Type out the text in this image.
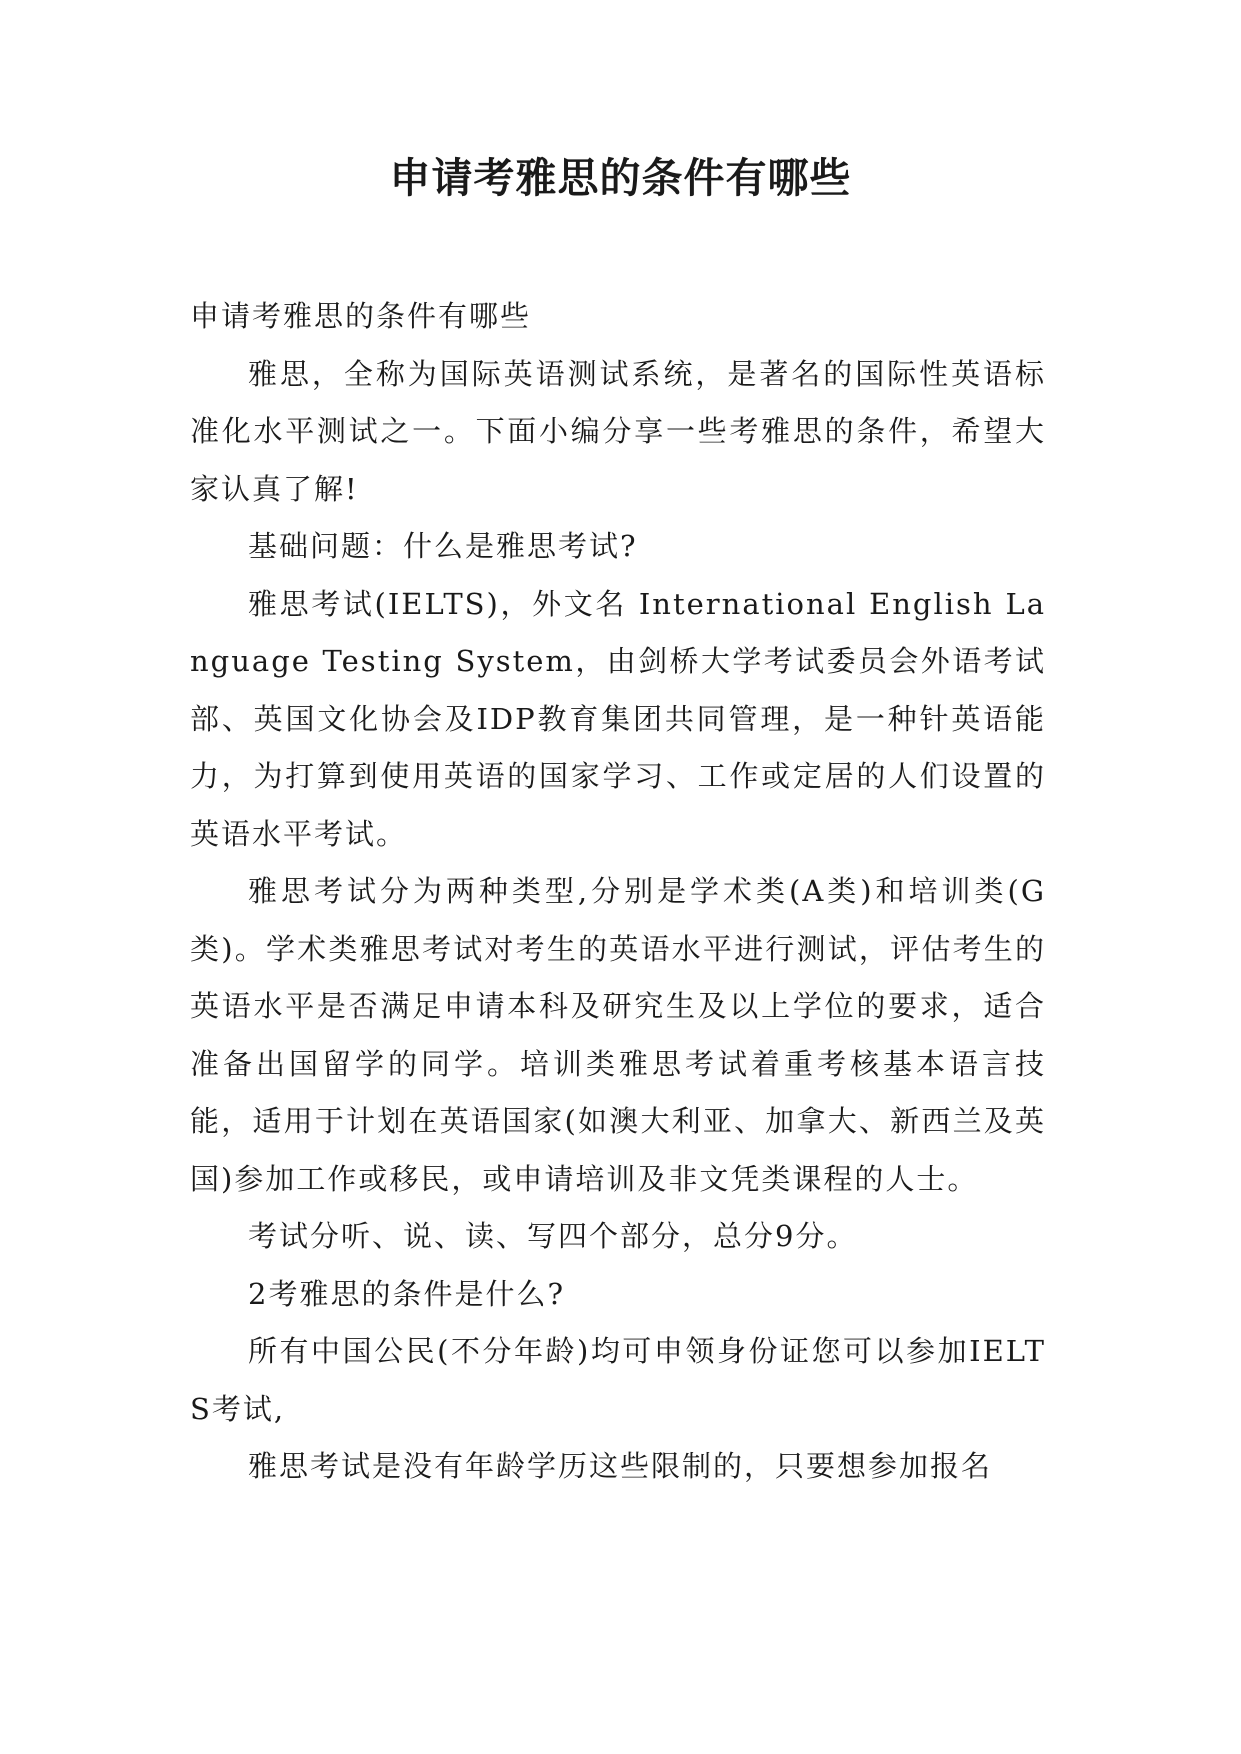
申请考雅思的条件有哪些

申请考雅思的条件有哪些

雅思，全称为国际英语测试系统，是著名的国际性英语标准化水平测试之一。下面小编分享一些考雅思的条件，希望大家认真了解!

基础问题：什么是雅思考试?

雅思考试(IELTS)，外文名 International English Language Testing System，由剑桥大学考试委员会外语考试部、英国文化协会及IDP教育集团共同管理，是一种针英语能力，为打算到使用英语的国家学习、工作或定居的人们设置的英语水平考试。

雅思考试分为两种类型,分别是学术类(A类)和培训类(G类)。学术类雅思考试对考生的英语水平进行测试，评估考生的英语水平是否满足申请本科及研究生及以上学位的要求，适合准备出国留学的同学。培训类雅思考试着重考核基本语言技能，适用于计划在英语国家(如澳大利亚、加拿大、新西兰及英国)参加工作或移民，或申请培训及非文凭类课程的人士。

考试分听、说、读、写四个部分，总分9分。

2考雅思的条件是什么?

所有中国公民(不分年龄)均可申领身份证您可以参加IELTS考试,

雅思考试是没有年龄学历这些限制的，只要想参加报名
